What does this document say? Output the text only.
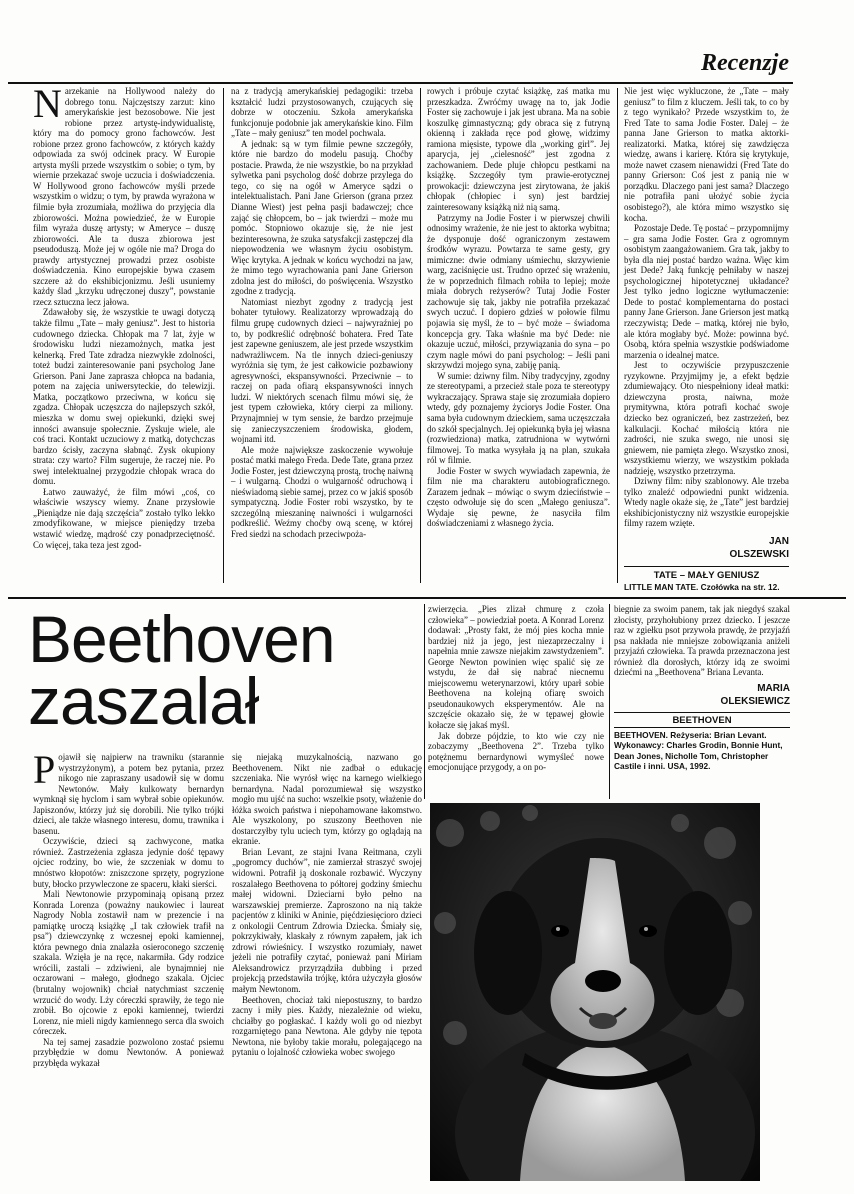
Recenzje

Narzekanie na Hollywood należy do dobrego tonu. Najczęstszy zarzut: kino amerykańskie jest bezosobowe. Nie jest robione przez artystę-indywidualistę, który ma do pomocy grono fachowców. Jest robione przez grono fachowców, z których każdy odpowiada za swój odcinek pracy. W Europie artysta myśli przede wszystkim o sobie; o tym, by wiernie przekazać swoje uczucia i doświadczenia. W Hollywood grono fachowców myśli przede wszystkim o widzu; o tym, by prawda wyrażona w filmie była zrozumiała, możliwa do przyjęcia dla zbiorowości. Można powiedzieć, że w Europie film wyraża duszę artysty; w Ameryce – duszę zbiorowości. Ale ta dusza zbiorowa jest pseudoduszą. Może jej w ogóle nie ma? Droga do prawdy artystycznej prowadzi przez osobiste doświadczenia. Kino europejskie bywa czasem szczere aż do ekshibicjonizmu. Jeśli usuniemy każdy ślad „krzyku udręczonej duszy”, powstanie rzecz sztuczna lecz jałowa.

Zdawałoby się, że wszystkie te uwagi dotyczą także filmu „Tate – mały geniusz”. Jest to historia cudownego dziecka. Chłopak ma 7 lat, żyje w środowisku ludzi niezamożnych, matka jest kelnerką. Fred Tate zdradza niezwykłe zdolności, toteż budzi zainteresowanie pani psycholog Jane Grierson. Pani Jane zaprasza chłopca na badania, potem na zajęcia uniwersyteckie, do telewizji. Matka, początkowo przeciwna, w końcu się zgadza. Chłopak uczęszcza do najlepszych szkół, mieszka w domu swej opiekunki, dzięki swej inności awansuje społecznie. Zyskuje wiele, ale coś traci. Kontakt uczuciowy z matką, dotychczas bardzo ścisły, zaczyna słabnąć. Zysk okupiony strata: czy warto? Film sugeruje, że raczej nie. Po swej intelektualnej przygodzie chłopak wraca do domu.

Łatwo zauważyć, że film mówi „coś, co właściwie wszyscy wiemy. Znane przysłowie „Pieniądze nie dają szczęścia” zostało tylko lekko zmodyfikowane, w miejsce pieniędzy trzeba wstawić wiedzę, mądrość czy ponadprzeciętność. Co więcej, taka teza jest zgod-

na z tradycją amerykańskiej pedagogiki: trzeba kształcić ludzi przystosowanych, czujących się dobrze w otoczeniu. Szkoła amerykańska funkcjonuje podobnie jak amerykańskie kino. Film „Tate – mały geniusz” ten model pochwala.

A jednak: są w tym filmie pewne szczegóły, które nie bardzo do modelu pasują. Choćby postacie. Prawda, że nie wszystkie, bo na przykład sylwetka pani psycholog dość dobrze przylega do tego, co się na ogół w Ameryce sądzi o intelektualistach. Pani Jane Grierson (grana przez Dianne Wiest) jest pełna pasji badawczej; chce zająć się chłopcem, bo – jak twierdzi – może mu pomóc. Stopniowo okazuje się, że nie jest bezinteresowna, że szuka satysfakcji zastępczej dla niepowodzenia we własnym życiu osobistym. Więc krytyka. A jednak w końcu wychodzi na jaw, że mimo tego wyrachowania pani Jane Grierson zdolna jest do miłości, do poświęcenia. Wszystko zgodne z tradycją.

Natomiast niezbyt zgodny z tradycją jest bohater tytułowy. Realizatorzy wprowadzają do filmu grupę cudownych dzieci – najwyraźniej po to, by podkreślić odrębność bohatera. Fred Tate jest zapewne geniuszem, ale jest przede wszystkim nadwrażliwcem. Na tle innych dzieci-geniuszy wyróżnia się tym, że jest całkowicie pozbawiony agresywności, ekspansywności. Przeciwnie – to raczej on pada ofiarą ekspansywności innych ludzi. W niektórych scenach filmu mówi się, że jest typem człowieka, który cierpi za miliony. Przynajmniej w tym sensie, że bardzo przejmuje się zanieczyszczeniem środowiska, głodem, wojnami itd.

Ale może największe zaskoczenie wywołuje postać matki małego Freda. Dede Tate, grana przez Jodie Foster, jest dziewczyną prostą, trochę naiwną – i wulgarną. Chodzi o wulgarność odruchową i nieświadomą siebie samej, przez co w jakiś sposób sympatyczną. Jodie Foster robi wszystko, by te szczególną mieszaninę naiwności i wulgarności podkreślić. Weźmy choćby ową scenę, w której Fred siedzi na schodach przeciwpoża-

rowych i próbuje czytać książkę, zaś matka mu przeszkadza. Zwróćmy uwagę na to, jak Jodie Foster się zachowuje i jak jest ubrana. Ma na sobie koszulkę gimnastyczną; gdy obraca się z futryną okienną i zakłada ręce pod głowę, widzimy ramiona mięsiste, typowe dla „working girl”. Jej aparycja, jej „cielesność” jest zgodna z zachowaniem. Dede pluje chłopcu pestkami na książkę. Szczegóły tym prawie-erotycznej prowokacji: dziewczyna jest zirytowana, że jakiś chłopak (chłopiec i syn) jest bardziej zainteresowany książką niż nią samą.

Patrzymy na Jodie Foster i w pierwszej chwili odnosimy wrażenie, że nie jest to aktorka wybitna; że dysponuje dość ograniczonym zestawem środków wyrazu. Powtarza te same gesty, gry mimiczne: dwie odmiany uśmiechu, skrzywienie warg, zaciśnięcie ust. Trudno oprzeć się wrażeniu, że w poprzednich filmach robiła to lepiej; może miała dobrych reżyserów? Tutaj Jodie Foster zachowuje się tak, jakby nie potrafiła przekazać swych uczuć. I dopiero gdzieś w połowie filmu pojawia się myśl, że to – być może – świadoma koncepcja gry. Taka właśnie ma być Dede: nie okazuje uczuć, miłości, przywiązania do syna – po czym nagle mówi do pani psycholog: – Jeśli pani skrzywdzi mojego syna, zabiję panią.

W sumie: dziwny film. Niby tradycyjny, zgodny ze stereotypami, a przecież stale poza te stereotypy wykraczający. Sprawa staje się zrozumiała dopiero wtedy, gdy poznajemy życiorys Jodie Foster. Ona sama była cudownym dzieckiem, sama uczęszczała do szkół specjalnych. Jej opiekunką była jej własna (rozwiedziona) matka, zatrudniona w wytwórni filmowej. To matka wysyłała ją na plan, szukała ról w filmie.

Jodie Foster w swych wywiadach zapewnia, że film nie ma charakteru autobiograficznego. Zarazem jednak – mówiąc o swym dzieciństwie – często odwołuje się do scen „Małego geniusza”. Wydaje się pewne, że nasyciła film doświadczeniami z własnego życia.

Nie jest więc wykluczone, że „Tate – mały geniusz” to film z kluczem. Jeśli tak, to co by z tego wynikało? Przede wszystkim to, że Fred Tate to sama Jodie Foster. Dalej – że panna Jane Grierson to matka aktorki-realizatorki. Matka, której się zawdzięcza wiedzę, awans i karierę. Która się krytykuje, może nawet czasem nienawidzi (Fred Tate do panny Grierson: Coś jest z panią nie w porządku. Dlaczego pani jest sama? Dlaczego nie potrafiła pani ułożyć sobie życia osobistego?), ale która mimo wszystko się kocha.

Pozostaje Dede. Tę postać – przypomnijmy – gra sama Jodie Foster. Gra z ogromnym osobistym zaangażowaniem. Gra tak, jakby to była dla niej postać bardzo ważna. Więc kim jest Dede? Jaką funkcję pełniłaby w naszej psychologicznej hipotetycznej układance? Jest tylko jedno logiczne wytłumaczenie: Dede to postać komplementarna do postaci panny Jane Grierson. Jane Grierson jest matką rzeczywistą; Dede – matką, której nie było, ale która mogłaby być. Może: powinna być. Osobą, która spełnia wszystkie podświadome marzenia o idealnej matce.

Jest to oczywiście przypuszczenie ryzykowne. Przyjmijmy je, a efekt będzie zdumiewający. Oto niespełniony ideał matki: dziewczyna prosta, naiwna, może prymitywna, która potrafi kochać swoje dziecko bez ograniczeń, bez zastrzeżeń, bez kalkulacji. Kochać miłością która nie zadrości, nie szuka swego, nie unosi się gniewem, nie pamięta złego. Wszystko znosi, wszystkiemu wierzy, we wszystkim pokłada nadzieję, wszystko przetrzyma.

Dziwny film: niby szablonowy. Ale trzeba tylko znaleźć odpowiedni punkt widzenia. Wtedy nagle okaże się, że „Tate” jest bardziej ekshibicjonistyczny niż wszystkie europejskie filmy razem wzięte.

JAN

OLSZEWSKI

TATE – MAŁY GENIUSZ

LITTLE MAN TATE. Czołówka na str. 12.

Beethoven
zaszalał

Pojawił się najpierw na trawniku (starannie wystrzyżonym), a potem bez pytania, przez nikogo nie zapraszany usadowił się w domu Newtonów. Mały kulkowaty bernardyn wymknął się hyclom i sam wybrał sobie opiekunów. Japiszonów, którzy już się dorobili. Nie tylko trójki dzieci, ale także własnego interesu, domu, trawnika i basenu.

Oczywiście, dzieci są zachwycone, matka również. Zastrzeżenia zgłasza jedynie dość tępawy ojciec rodziny, bo wie, że szczeniak w domu to mnóstwo kłopotów: zniszczone sprzęty, pogryzione buty, błocko przywleczone ze spaceru, kłaki sierści.

Mali Newtonowie przypominają opisaną przez Konrada Lorenza (poważny naukowiec i laureat Nagrody Nobla zostawił nam w prezencie i na pamiątkę uroczą książkę „I tak człowiek trafił na psa”) dziewczynkę z wczesnej epoki kamiennej, która pewnego dnia znalazła osieroconego szczenię szakala. Wzięła je na ręce, nakarmiła. Gdy rodzice wrócili, zastali – zdziwieni, ale bynajmniej nie oczarowani – małego, głodnego szakala. Ojciec (brutalny wojownik) chciał natychmiast szczenię wrzucić do wody. Lży córeczki sprawiły, że tego nie zrobił. Bo ojcowie z epoki kamiennej, twierdzi Lorenz, nie mieli nigdy kamiennego serca dla swoich córeczek.

Na tej samej zasadzie pozwolono zostać psiemu przybłędzie w domu Newtonów. A ponieważ przybłęda wykazał

się niejaką muzykalnością, nazwano go Beethovenem. Nikt nie zadbał o edukację szczeniaka. Nie wyrósł więc na karnego wielkiego bernardyna. Nadal porozumiewał się wszystko mogło mu ujść na sucho: wszelkie psoty, włażenie do łóżka swoich państwa i niepohamowane łakomstwo. Ale wyszkolony, po szuszony Beethoven nie dostarczyłby tylu uciech tym, którzy go oglądają na ekranie.

Brian Levant, ze stajni Ivana Reitmana, czyli „pogromcy duchów”, nie zamierzał straszyć swojej widowni. Potrafił ją doskonale rozbawić. Wyczyny roszalałego Beethovena to półtorej godziny śmiechu małej widowni. Dzieciarni było pełno na warszawskiej premierze. Zaproszono na nią także pacjentów z kliniki w Aninie, pięćdziesięcioro dzieci z onkologii Centrum Zdrowia Dziecka. Śmiały się, pokrzykiwały, klaskały z równym zapałem, jak ich zdrowi rówieśnicy. I wszystko rozumiały, nawet jeżeli nie potrafiły czytać, ponieważ pani Miriam Aleksandrowicz przyrządziła dubbing i przed projekcją przedstawiła trójkę, która użyczyła głosów małym Newtonom.

Beethoven, chociaż taki niepostuszny, to bardzo zacny i miły pies. Każdy, niezależnie od wieku, chciałby go pogłaskać. I każdy woli go od niezbyt rozgarniętego pana Newtona. Ale gdyby nie tępota Newtona, nie byłoby takie morału, polegającego na pytaniu o lojalność człowieka wobec swojego

zwierzęcia. „Pies zlizał chmurę z czoła człowieka” – powiedział poeta. A Konrad Lorenz dodawał: „Prosty fakt, że mój pies kocha mnie bardziej niż ja jego, jest niezaprzeczalny i napełnia mnie zawsze niejakim zawstydzeniem”. George Newton powinien więc spalić się ze wstydu, że dał się nabrać niecnemu miejscowemu weterynarzowi, który uparł sobie Beethovena na kolejną ofiarę swoich pseudonaukowych eksperymentów. Ale na szczęście okazało się, że w tępawej głowie kołacze się jakaś myśl.

Jak dobrze pójdzie, to kto wie czy nie zobaczymy „Beethovena 2”. Trzeba tylko potężnemu bernardynowi wymyśleć nowe emocjonujące przygody, a on po-

biegnie za swoim panem, tak jak niegdyś szakal złocisty, przyhołubiony przez dziecko. I jeszcze raz w zgiełku psot przywoła prawdę, że przyjaźń psa nakłada nie mniejsze zobowiązania aniżeli przyjaźń człowieka. Ta prawda przeznaczona jest również dla dorosłych, którzy idą ze swoimi dziećmi na „Beethovena” Briana Levanta.

MARIA

OLEKSIEWICZ

BEETHOVEN

BEETHOVEN. Reżyseria: Brian Levant. Wykonawcy: Charles Grodin, Bonnie Hunt, Dean Jones, Nicholle Tom, Christopher Castile i inni. USA, 1992.
